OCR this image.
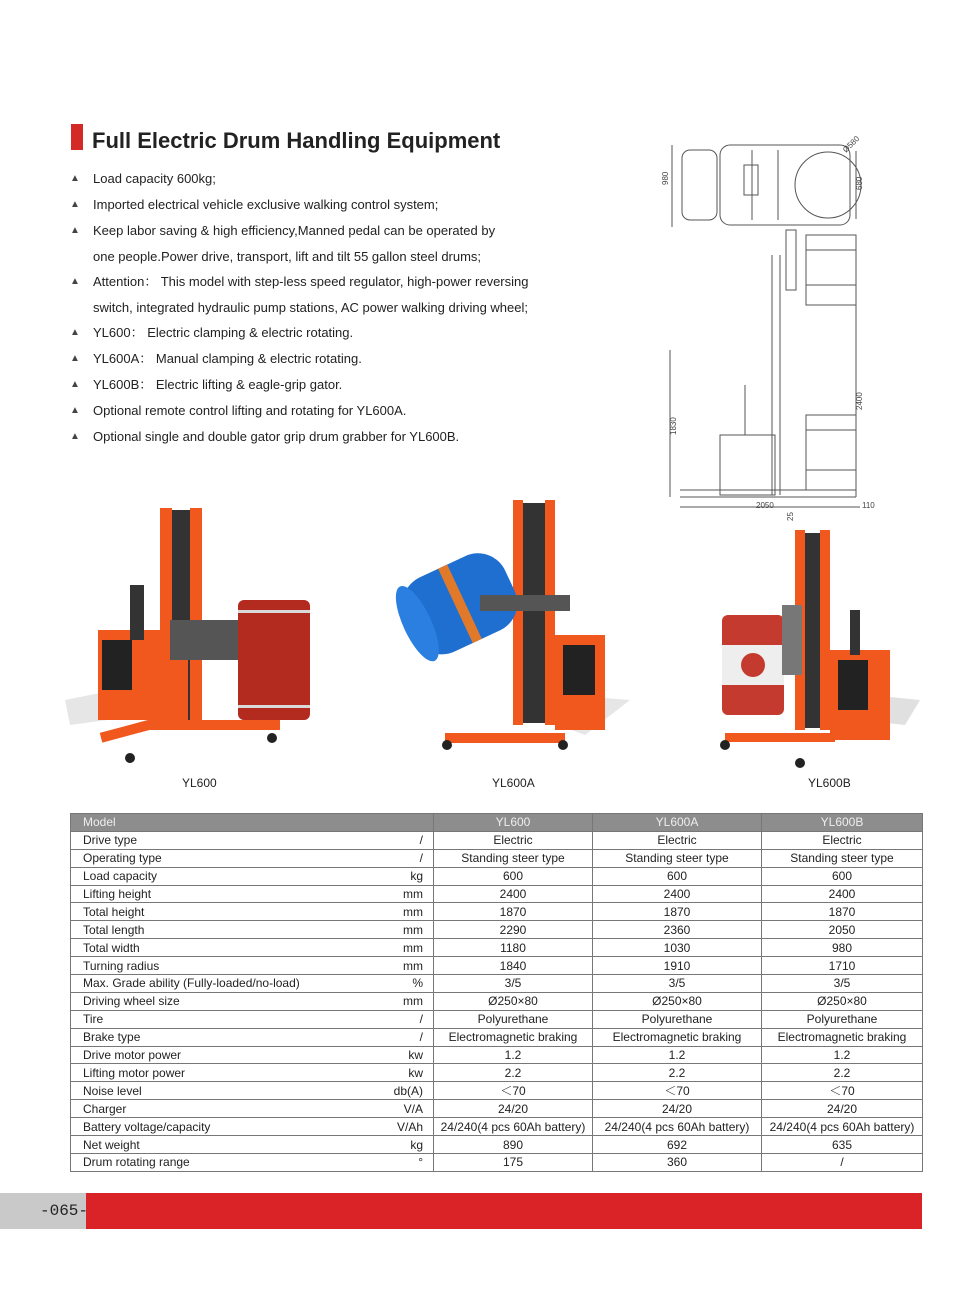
Full Electric Drum Handling Equipment
▲ Load capacity 600kg;
▲ Imported electrical vehicle exclusive walking control system;
▲ Keep labor saving & high efficiency,Manned pedal can be operated by
one people.Power drive, transport, lift and tilt 55 gallon steel drums;
▲ Attention： This model with step-less speed regulator, high-power reversing
switch, integrated hydraulic pump stations, AC power walking driving wheel;
▲ YL600： Electric clamping & electric rotating.
▲ YL600A： Manual clamping & electric rotating.
▲ YL600B： Electric lifting & eagle-grip gator.
▲ Optional remote control lifting and rotating for YL600A.
▲ Optional single and double gator grip drum grabber for YL600B.
980	680
Ø580
1830
2400
2050
25
110
YL600	YL600A	YL600B
Model		YL600	YL600A	YL600B
Drive type	/	Electric	Electric	Electric
Operating type	/	Standing steer type	Standing steer type	Standing steer type
Load capacity	kg	600	600	600
Lifting height	mm	2400	2400	2400
Total height	mm	1870	1870	1870
Total length	mm	2290	2360	2050
Total width	mm	1180	1030	980
Turning radius	mm	1840	1910	1710
Max. Grade ability (Fully-loaded/no-load)	%	3/5	3/5	3/5
Driving wheel size	mm	Ø250×80	Ø250×80	Ø250×80
Tire	/	Polyurethane	Polyurethane	Polyurethane
Brake type	/	Electromagnetic braking	Electromagnetic braking	Electromagnetic braking
Drive motor power	kw	1.2	1.2	1.2
Lifting motor power	kw	2.2	2.2	2.2
Noise level	db(A)	＜70	＜70	＜70
Charger	V/A	24/20	24/20	24/20
Battery voltage/capacity	V/Ah	24/240(4 pcs 60Ah battery)	24/240(4 pcs 60Ah battery)	24/240(4 pcs 60Ah battery)
Net weight	kg	890	692	635
Drum rotating range	°	175	360	/
-065-
